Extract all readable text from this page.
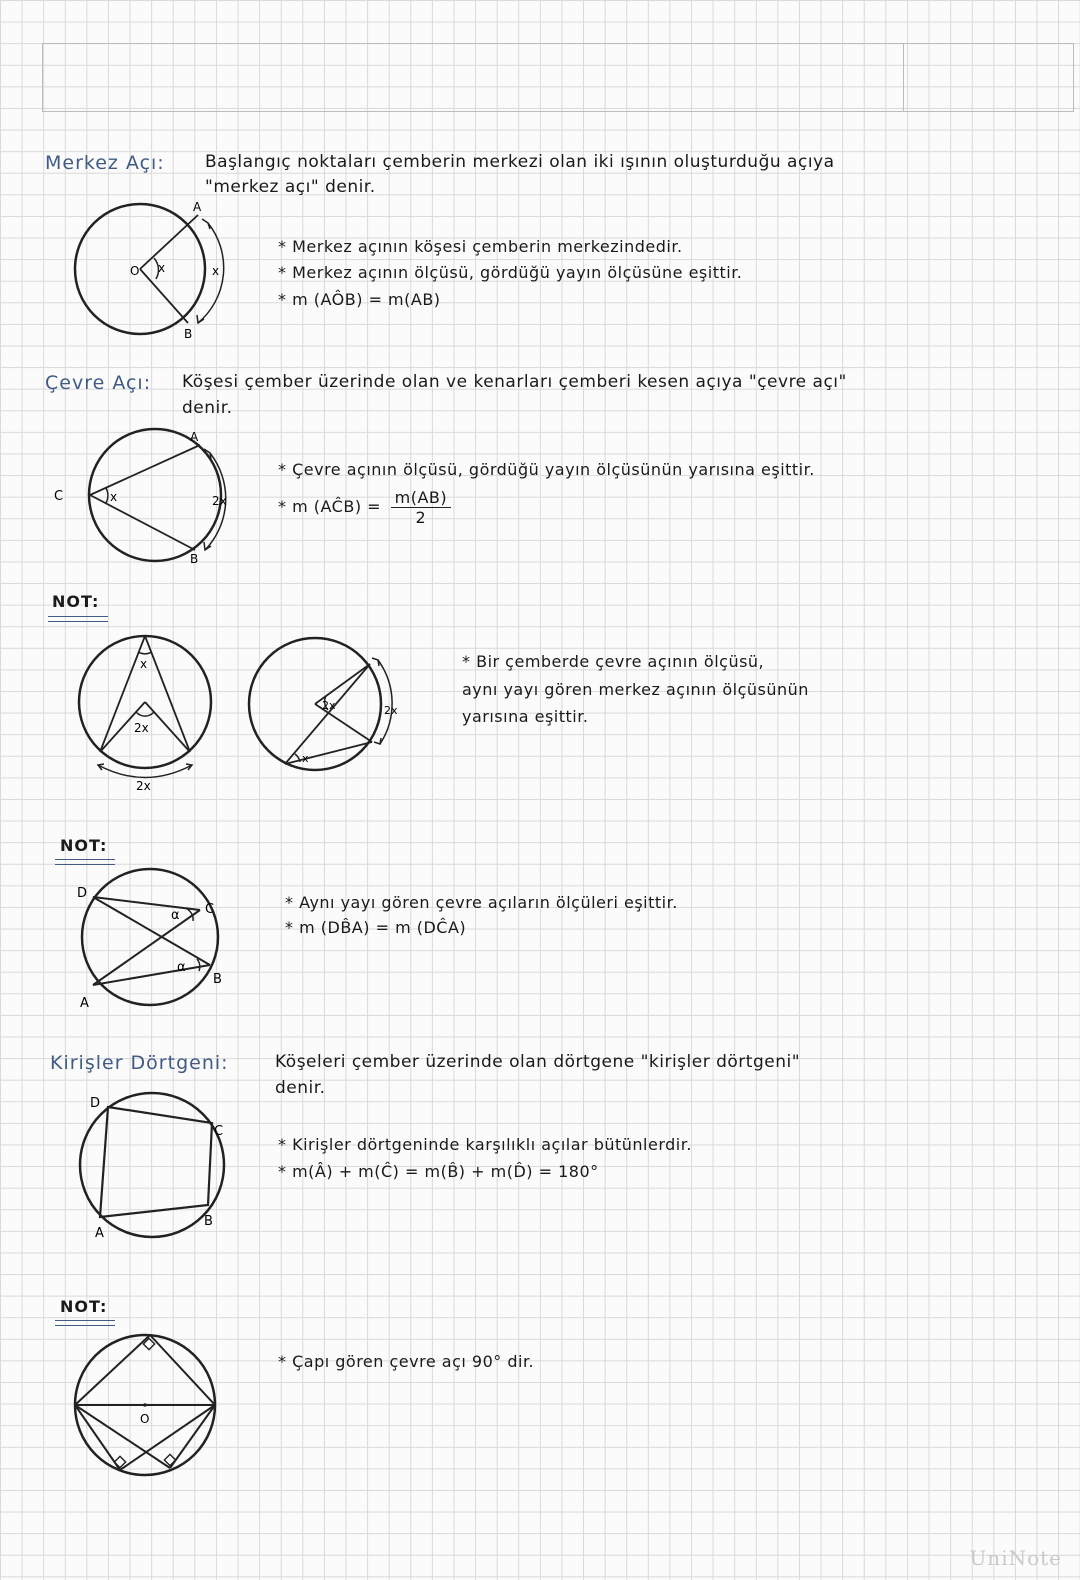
Merkez Açı: Başlangıç noktaları çemberin merkezi olan iki ışının oluşturduğu açıya
"merkez açı" denir.
O x
A
B
x
* Merkez açının köşesi çemberin merkezindedir.
* Merkez açının ölçüsü, gördüğü yayın ölçüsüne eşittir.
* m (AÔB) = m(AB)
Çevre Açı: Köşesi çember üzerinde olan ve kenarları çemberi kesen açıya "çevre açı"
denir.
C	x
A
B
2x
* Çevre açının ölçüsü, gördüğü yayın ölçüsünün yarısına eşittir.
* m (AĈB) = $\frac{m(AB)}{2}$
NOT:
x
2x
2x
2x
x
2x
* Bir çemberde çevre açının ölçüsü,
aynı yayı gören merkez açının ölçüsünün
yarısına eşittir.
NOT:
D
C
B
A
α
α
* Aynı yayı gören çevre açıların ölçüleri eşittir.
* m (DB̂A) = m (DĈA)
Kirişler Dörtgeni:	Köşeleri çember üzerinde olan dörtgene "kirişler dörtgeni"
denir.
D
C
B
A
* Kirişler dörtgeninde karşılıklı açılar bütünlerdir.
* m(Â) + m(Ĉ) = m(B̂) + m(D̂) = 180°
NOT:
O
* Çapı gören çevre açı 90° dir.
UniNote
